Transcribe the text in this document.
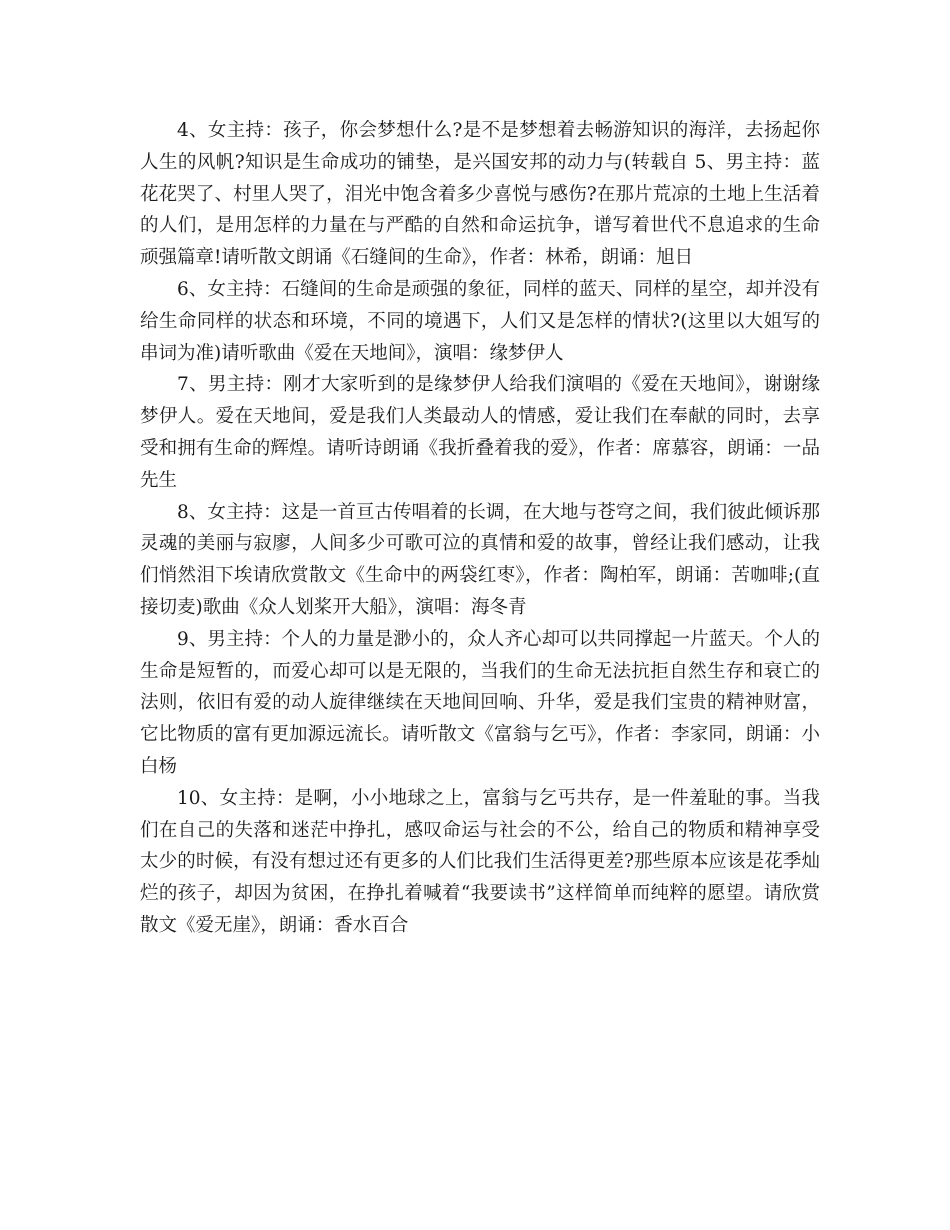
4、女主持：孩子，你会梦想什么?是不是梦想着去畅游知识的海洋，去扬起你人生的风帆?知识是生命成功的铺垫，是兴国安邦的动力与(转载自 5、男主持：蓝花花哭了、村里人哭了，泪光中饱含着多少喜悦与感伤?在那片荒凉的土地上生活着的人们，是用怎样的力量在与严酷的自然和命运抗争，谱写着世代不息追求的生命顽强篇章!请听散文朗诵《石缝间的生命》，作者：林希，朗诵：旭日

6、女主持：石缝间的生命是顽强的象征，同样的蓝天、同样的星空，却并没有给生命同样的状态和环境，不同的境遇下，人们又是怎样的情状?(这里以大姐写的串词为准)请听歌曲《爱在天地间》，演唱：缘梦伊人

7、男主持：刚才大家听到的是缘梦伊人给我们演唱的《爱在天地间》，谢谢缘梦伊人。爱在天地间，爱是我们人类最动人的情感，爱让我们在奉献的同时，去享受和拥有生命的辉煌。请听诗朗诵《我折叠着我的爱》，作者：席慕容，朗诵：一品先生

8、女主持：这是一首亘古传唱着的长调，在大地与苍穹之间，我们彼此倾诉那灵魂的美丽与寂廖，人间多少可歌可泣的真情和爱的故事，曾经让我们感动，让我们悄然泪下埃请欣赏散文《生命中的两袋红枣》，作者：陶柏军，朗诵：苦咖啡;(直接切麦)歌曲《众人划桨开大船》，演唱：海冬青

9、男主持：个人的力量是渺小的，众人齐心却可以共同撑起一片蓝天。个人的生命是短暂的，而爱心却可以是无限的，当我们的生命无法抗拒自然生存和衰亡的法则，依旧有爱的动人旋律继续在天地间回响、升华，爱是我们宝贵的精神财富，它比物质的富有更加源远流长。请听散文《富翁与乞丐》，作者：李家同，朗诵：小白杨

10、女主持：是啊，小小地球之上，富翁与乞丐共存，是一件羞耻的事。当我们在自己的失落和迷茫中挣扎，感叹命运与社会的不公，给自己的物质和精神享受太少的时候，有没有想过还有更多的人们比我们生活得更差?那些原本应该是花季灿烂的孩子，却因为贫困，在挣扎着喊着“我要读书”这样简单而纯粹的愿望。请欣赏散文《爱无崖》，朗诵：香水百合
